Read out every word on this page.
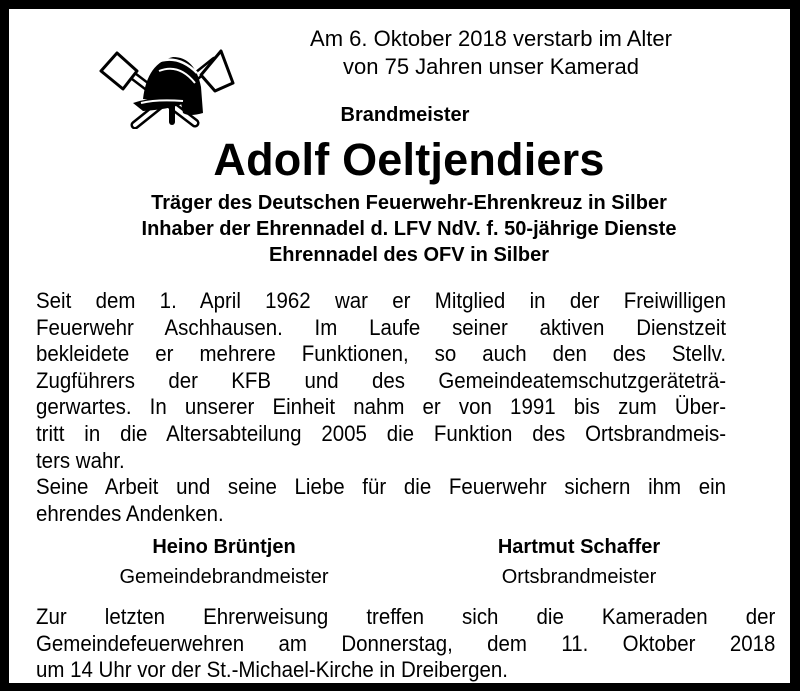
Am 6. Oktober 2018 verstarb im Alter
von 75 Jahren unser Kamerad
Brandmeister
Adolf Oeltjendiers
Träger des Deutschen Feuerwehr-Ehrenkreuz in Silber
Inhaber der Ehrennadel d. LFV NdV. f. 50-jährige Dienste
Ehrennadel des OFV in Silber
Seit dem 1. April 1962 war er Mitglied in der Freiwilligen
Feuerwehr Aschhausen. Im Laufe seiner aktiven Dienstzeit
bekleidete er mehrere Funktionen, so auch den des Stellv.
Zugführers der KFB und des Gemeindeatemschutzgeräteträ-
gerwartes. In unserer Einheit nahm er von 1991 bis zum Über-
tritt in die Altersabteilung 2005 die Funktion des Ortsbrandmeis-
ters wahr.
Seine Arbeit und seine Liebe für die Feuerwehr sichern ihm ein
ehrendes Andenken.
Heino Brüntjen
Gemeindebrandmeister
Hartmut Schaffer
Ortsbrandmeister
Zur letzten Ehrerweisung treffen sich die Kameraden der
Gemeindefeuerwehren am Donnerstag, dem 11. Oktober 2018
um 14 Uhr vor der St.-Michael-Kirche in Dreibergen.
